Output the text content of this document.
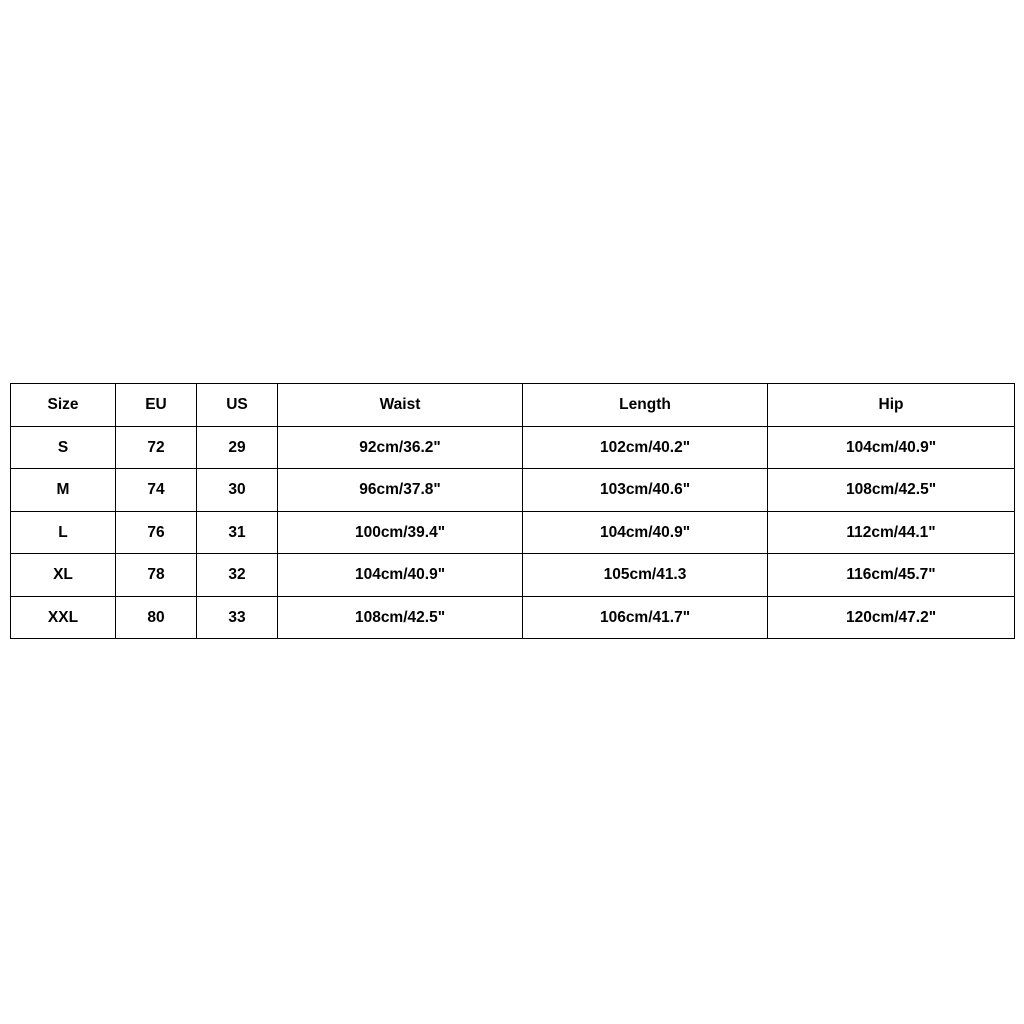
Size	EU	US	Waist	Length	Hip
S	72	29	92cm/36.2"	102cm/40.2"	104cm/40.9"
M	74	30	96cm/37.8"	103cm/40.6"	108cm/42.5"
L	76	31	100cm/39.4"	104cm/40.9"	112cm/44.1"
XL	78	32	104cm/40.9"	105cm/41.3	116cm/45.7"
XXL	80	33	108cm/42.5"	106cm/41.7"	120cm/47.2"
